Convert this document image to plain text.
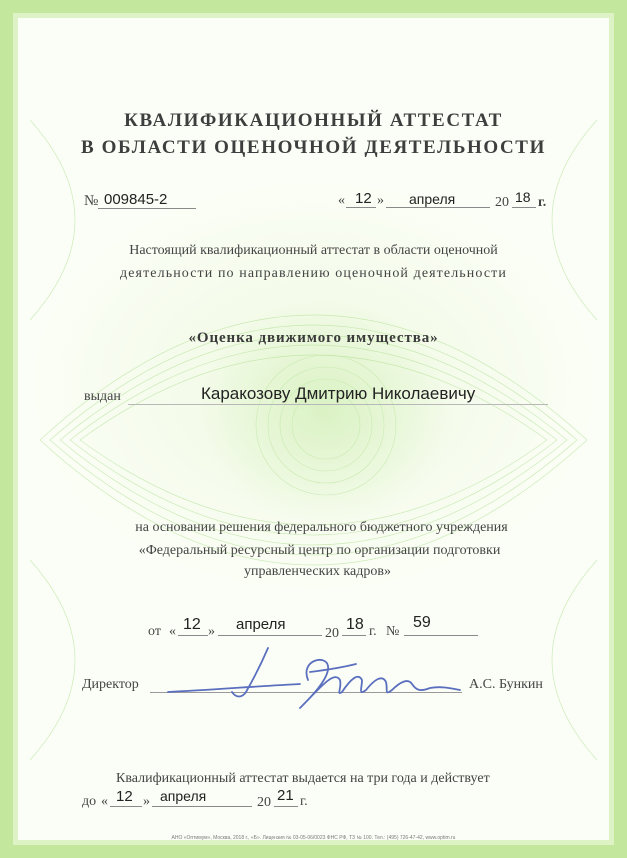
КВАЛИФИКАЦИОННЫЙ АТТЕСТАТ
В ОБЛАСТИ ОЦЕНОЧНОЙ ДЕЯТЕЛЬНОСТИ
№ 009845-2	« 12 » апреля	20 18 г.
Настоящий квалификационный аттестат в области оценочной
деятельности по направлению оценочной деятельности
«Оценка движимого имущества»
выдан	Каракозову Дмитрию Николаевичу
на основании решения федерального бюджетного учреждения
«Федеральный ресурсный центр по организации подготовки
управленческих кадров»
от « 12 » апреля
20
18 г. №
59
Директор	А.С. Бункин
Квалификационный аттестат выдается на три года и действует
до « 12 » апреля	20 21 г.
АНО «Оптимум», Москва, 2018 г., «Б». Лицензия № 03-05-06/0023 ФНС РФ, ТЗ № 100. Тел.: (495) 726-47-42, www.optim.ru
